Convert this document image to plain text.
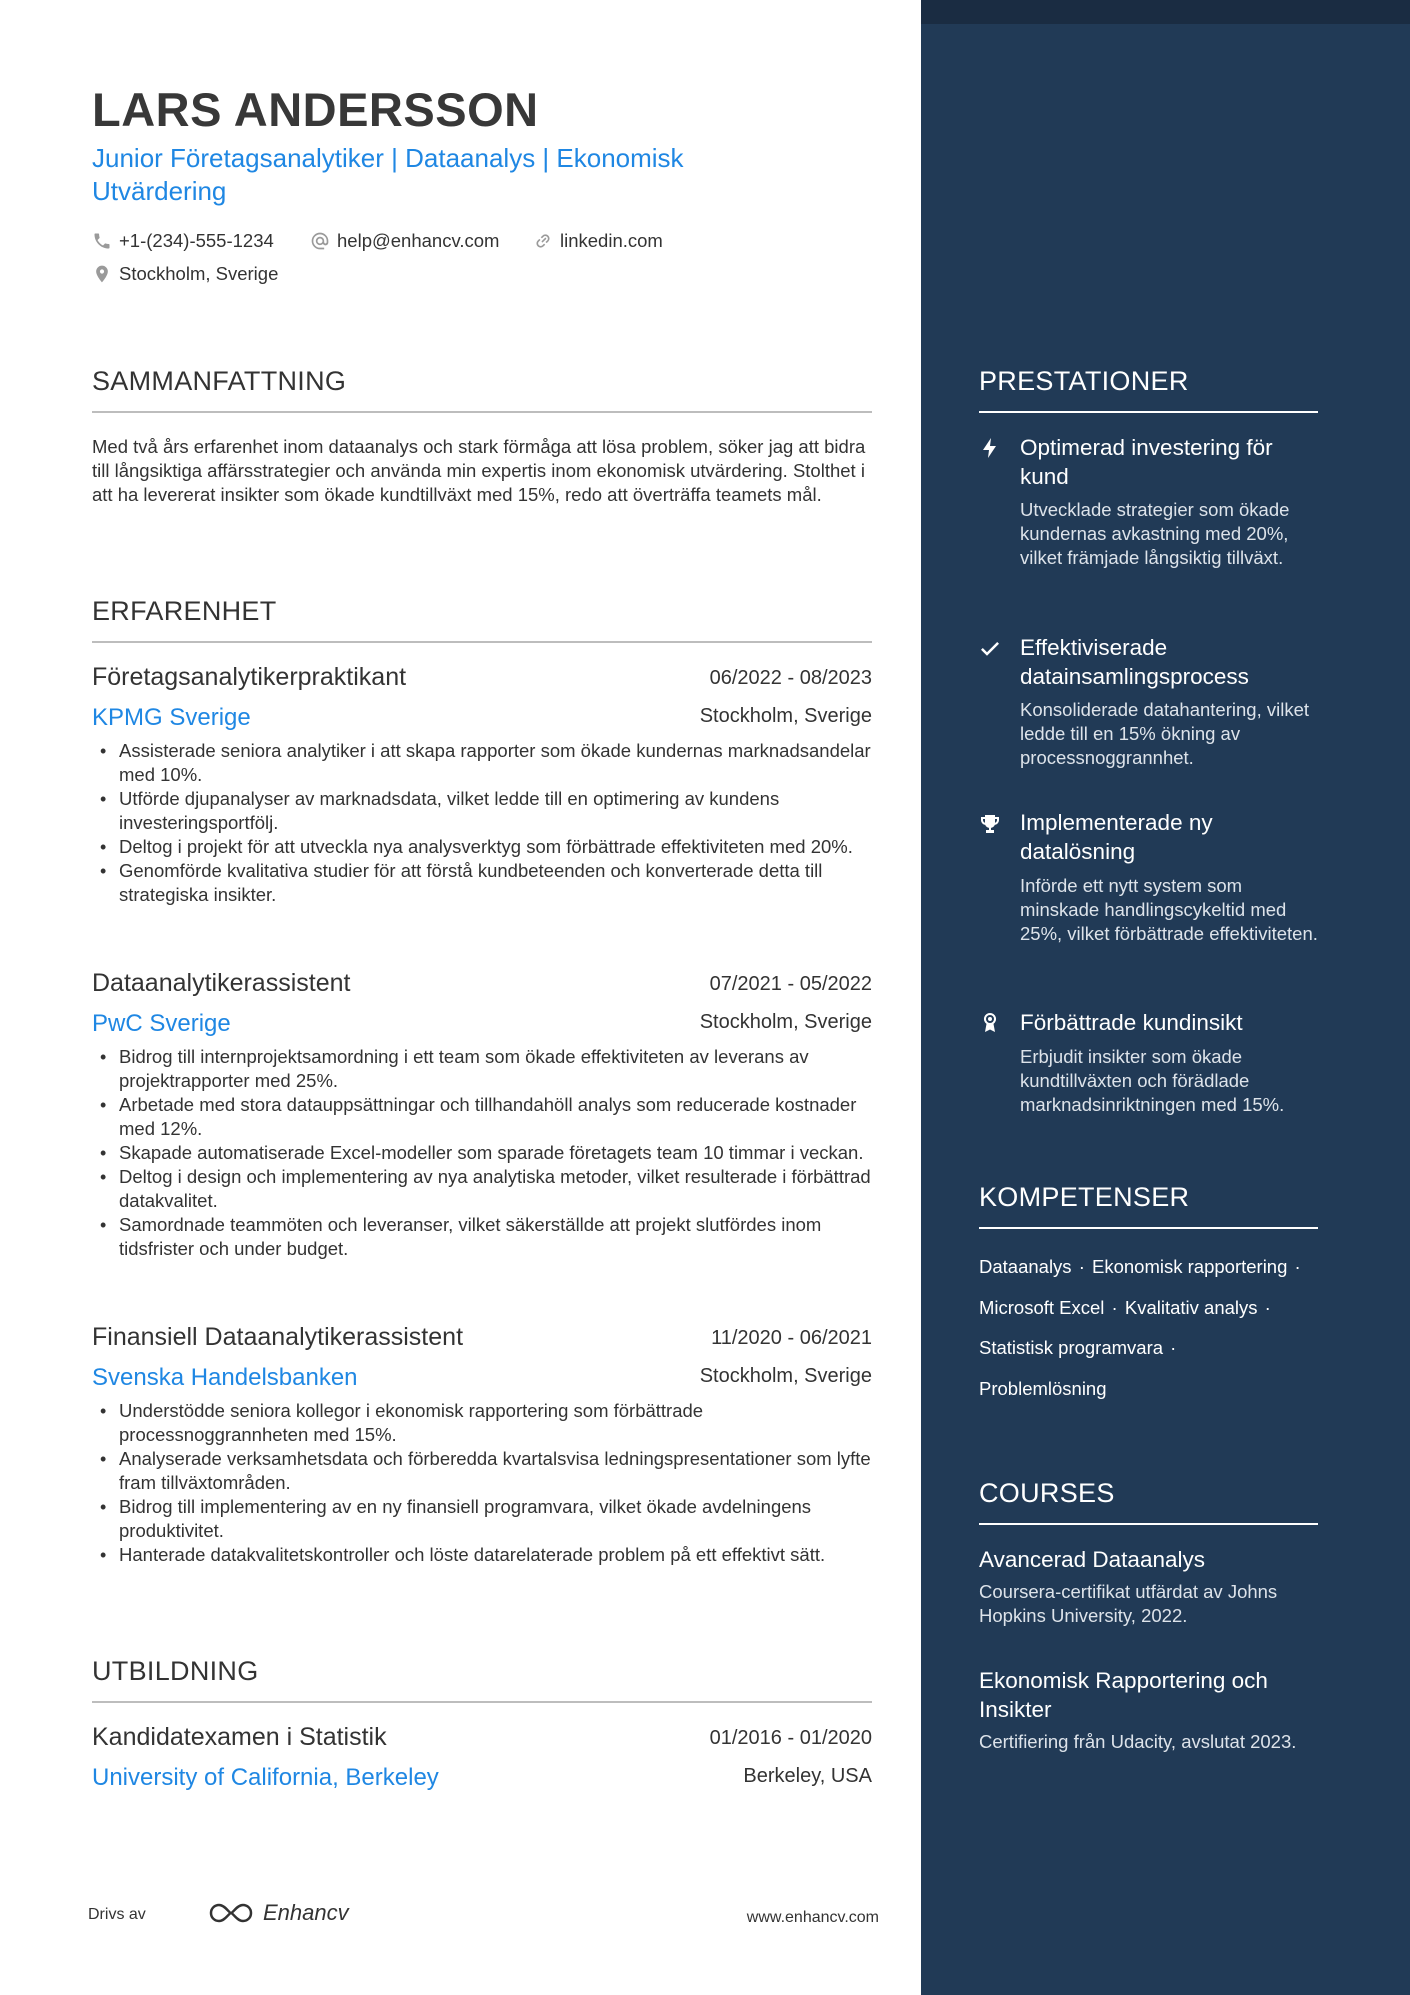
LARS ANDERSSON
Junior Företagsanalytiker | Dataanalys | Ekonomisk Utvärdering
+1-(234)-555-1234	help@enhancv.com	linkedin.com
Stockholm, Sverige
SAMMANFATTNING
Med två års erfarenhet inom dataanalys och stark förmåga att lösa problem, söker jag att bidra till långsiktiga affärsstrategier och använda min expertis inom ekonomisk utvärdering. Stolthet i att ha levererat insikter som ökade kundtillväxt med 15%, redo att överträffa teamets mål.
ERFARENHET
Företagsanalytikerpraktikant	06/2022 - 08/2023
KPMG Sverige	Stockholm, Sverige
• Assisterade seniora analytiker i att skapa rapporter som ökade kundernas marknadsandelar med 10%.
• Utförde djupanalyser av marknadsdata, vilket ledde till en optimering av kundens investeringsportfölj.
• Deltog i projekt för att utveckla nya analysverktyg som förbättrade effektiviteten med 20%.
• Genomförde kvalitativa studier för att förstå kundbeteenden och konverterade detta till strategiska insikter.
Dataanalytikerassistent	07/2021 - 05/2022
PwC Sverige	Stockholm, Sverige
• Bidrog till internprojektsamordning i ett team som ökade effektiviteten av leverans av projektrapporter med 25%.
• Arbetade med stora datauppsättningar och tillhandahöll analys som reducerade kostnader med 12%.
• Skapade automatiserade Excel-modeller som sparade företagets team 10 timmar i veckan.
• Deltog i design och implementering av nya analytiska metoder, vilket resulterade i förbättrad datakvalitet.
• Samordnade teammöten och leveranser, vilket säkerställde att projekt slutfördes inom tidsfrister och under budget.
Finansiell Dataanalytikerassistent	11/2020 - 06/2021
Svenska Handelsbanken	Stockholm, Sverige
• Understödde seniora kollegor i ekonomisk rapportering som förbättrade processnoggrannheten med 15%.
• Analyserade verksamhetsdata och förberedda kvartalsvisa ledningspresentationer som lyfte fram tillväxtområden.
• Bidrog till implementering av en ny finansiell programvara, vilket ökade avdelningens produktivitet.
• Hanterade datakvalitetskontroller och löste datarelaterade problem på ett effektivt sätt.
UTBILDNING
Kandidatexamen i Statistik	01/2016 - 01/2020
University of California, Berkeley	Berkeley, USA
Drivs av	Enhancv	www.enhancv.com
PRESTATIONER
Optimerad investering för kund
Utvecklade strategier som ökade kundernas avkastning med 20%, vilket främjade långsiktig tillväxt.
Effektiviserade datainsamlingsprocess
Konsoliderade datahantering, vilket ledde till en 15% ökning av processnoggrannhet.
Implementerade ny datalösning
Införde ett nytt system som minskade handlingscykeltid med 25%, vilket förbättrade effektiviteten.
Förbättrade kundinsikt
Erbjudit insikter som ökade kundtillväxten och förädlade marknadsinriktningen med 15%.
KOMPETENSER
Dataanalys · Ekonomisk rapportering ·
Microsoft Excel · Kvalitativ analys ·
Statistisk programvara ·
Problemlösning
COURSES
Avancerad Dataanalys
Coursera-certifikat utfärdat av Johns Hopkins University, 2022.
Ekonomisk Rapportering och Insikter
Certifiering från Udacity, avslutat 2023.
